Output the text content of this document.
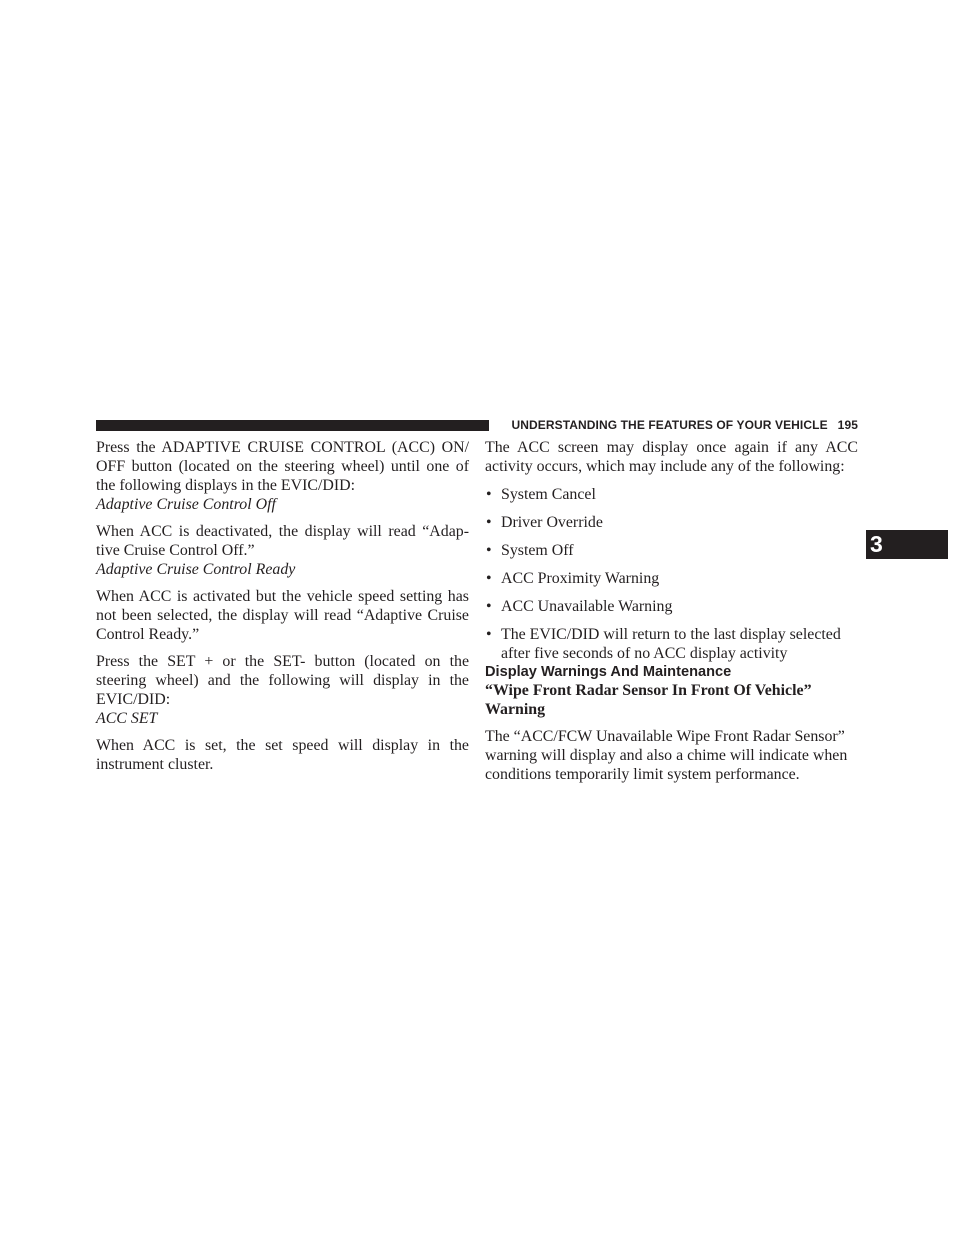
UNDERSTANDING THE FEATURES OF YOUR VEHICLE 195
3

Press the ADAPTIVE CRUISE CONTROL (ACC) ON/ OFF button (located on the steering wheel) until one of the following displays in the EVIC/DID:

Adaptive Cruise Control Off

When ACC is deactivated, the display will read “Adap- tive Cruise Control Off.”

Adaptive Cruise Control Ready

When ACC is activated but the vehicle speed setting has not been selected, the display will read “Adaptive Cruise Control Ready.”

Press the SET + or the SET- button (located on the steering wheel) and the following will display in the EVIC/DID:

ACC SET

When ACC is set, the set speed will display in the instrument cluster.

The ACC screen may display once again if any ACC activity occurs, which may include any of the following:

• System Cancel
• Driver Override
• System Off
• ACC Proximity Warning
• ACC Unavailable Warning
• The EVIC/DID will return to the last display selected after five seconds of no ACC display activity
Display Warnings And Maintenance
“Wipe Front Radar Sensor In Front Of Vehicle” Warning

The “ACC/FCW Unavailable Wipe Front Radar Sensor” warning will display and also a chime will indicate when conditions temporarily limit system performance.
